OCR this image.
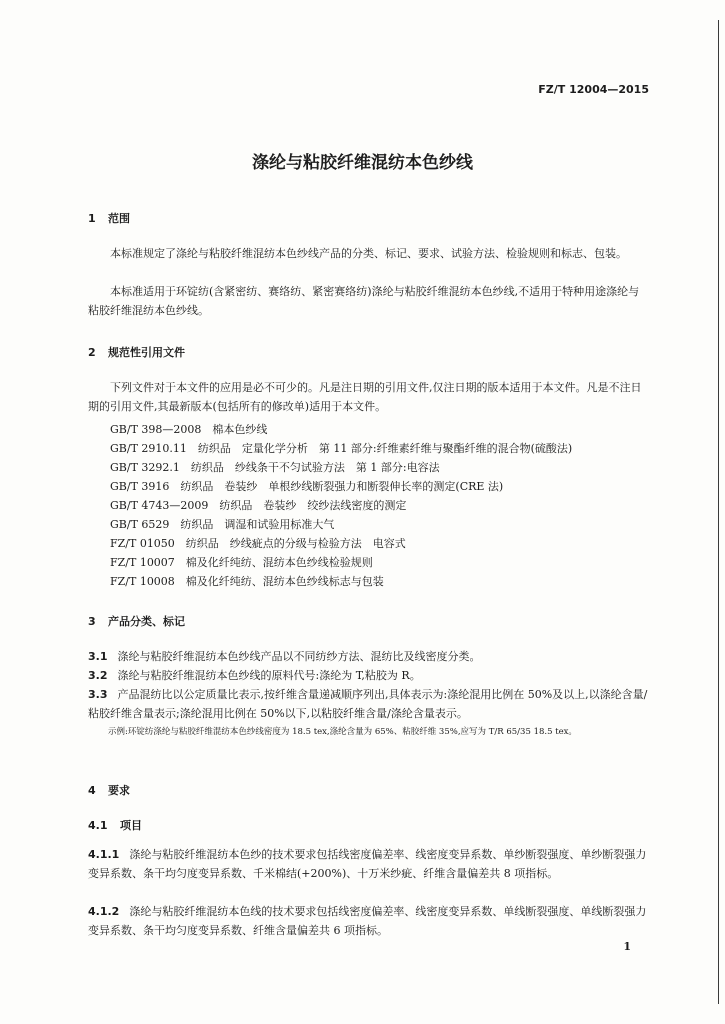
FZ/T 12004—2015
涤纶与粘胶纤维混纺本色纱线
1 范围
本标准规定了涤纶与粘胶纤维混纺本色纱线产品的分类、标记、要求、试验方法、检验规则和标志、包装。
本标准适用于环锭纺(含紧密纺、赛络纺、紧密赛络纺)涤纶与粘胶纤维混纺本色纱线,不适用于特种用途涤纶与粘胶纤维混纺本色纱线。
2 规范性引用文件
下列文件对于本文件的应用是必不可少的。凡是注日期的引用文件,仅注日期的版本适用于本文件。凡是不注日期的引用文件,其最新版本(包括所有的修改单)适用于本文件。
GB/T 398—2008　棉本色纱线
GB/T 2910.11　纺织品　定量化学分析　第 11 部分:纤维素纤维与聚酯纤维的混合物(硫酸法)
GB/T 3292.1　纺织品　纱线条干不匀试验方法　第 1 部分:电容法
GB/T 3916　纺织品　卷装纱　单根纱线断裂强力和断裂伸长率的测定(CRE 法)
GB/T 4743—2009　纺织品　卷装纱　绞纱法线密度的测定
GB/T 6529　纺织品　调湿和试验用标准大气
FZ/T 01050　纺织品　纱线疵点的分级与检验方法　电容式
FZ/T 10007　棉及化纤纯纺、混纺本色纱线检验规则
FZ/T 10008　棉及化纤纯纺、混纺本色纱线标志与包装
3 产品分类、标记
3.1 涤纶与粘胶纤维混纺本色纱线产品以不同纺纱方法、混纺比及线密度分类。
3.2 涤纶与粘胶纤维混纺本色纱线的原料代号:涤纶为 T,粘胶为 R。
3.3 产品混纺比以公定质量比表示,按纤维含量递减顺序列出,具体表示为:涤纶混用比例在 50%及以上,以涤纶含量/粘胶纤维含量表示;涤纶混用比例在 50%以下,以粘胶纤维含量/涤纶含量表示。
示例:环锭纺涤纶与粘胶纤维混纺本色纱线密度为 18.5 tex,涤纶含量为 65%、粘胶纤维 35%,应写为 T/R 65/35 18.5 tex。
4 要求
4.1 项目
4.1.1 涤纶与粘胶纤维混纺本色纱的技术要求包括线密度偏差率、线密度变异系数、单纱断裂强度、单纱断裂强力变异系数、条干均匀度变异系数、千米棉结(+200%)、十万米纱疵、纤维含量偏差共 8 项指标。
4.1.2 涤纶与粘胶纤维混纺本色线的技术要求包括线密度偏差率、线密度变异系数、单线断裂强度、单线断裂强力变异系数、条干均匀度变异系数、纤维含量偏差共 6 项指标。
1
